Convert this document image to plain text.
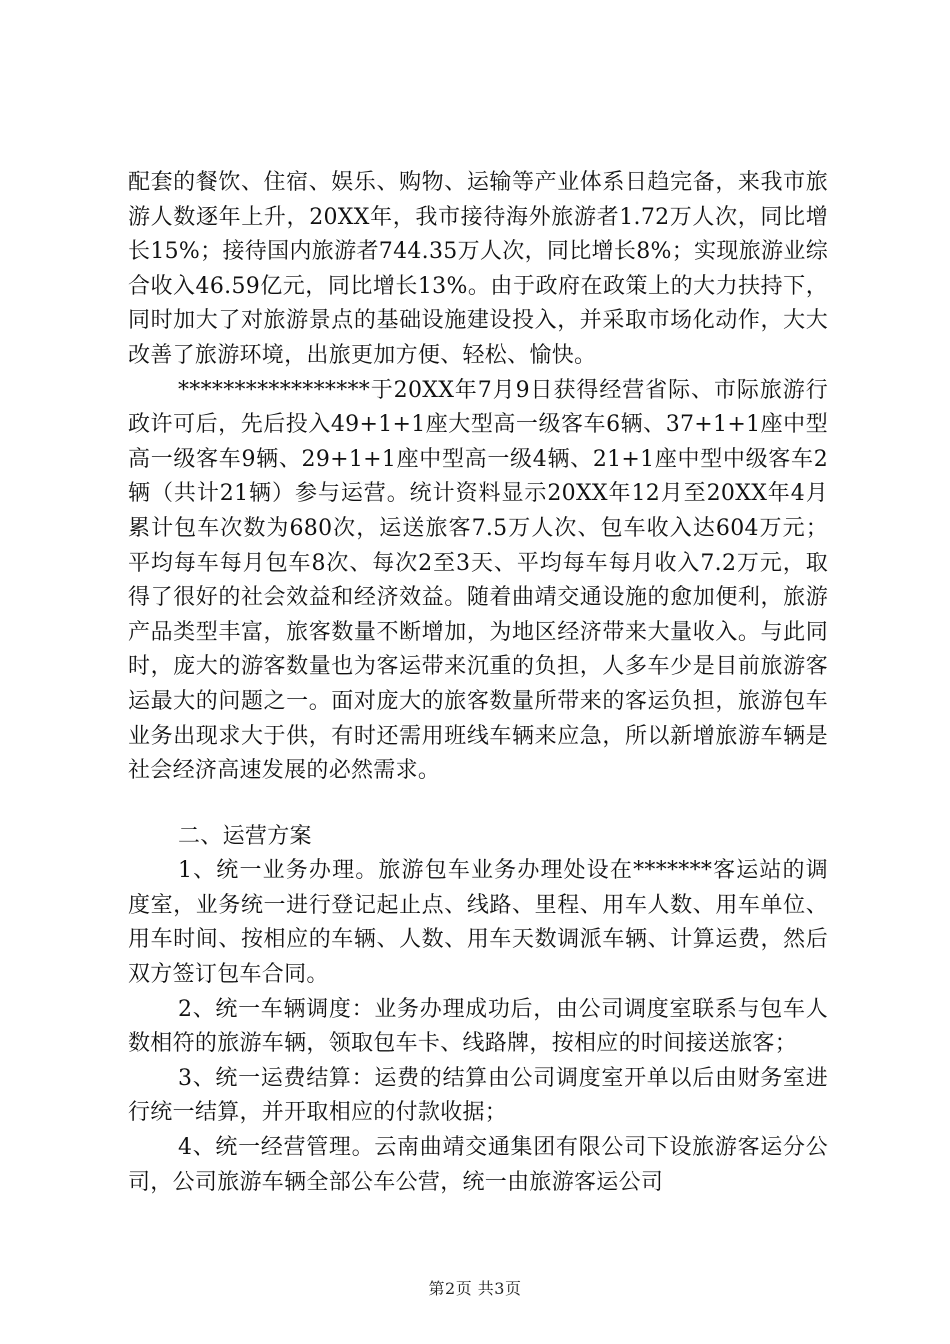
配套的餐饮、住宿、娱乐、购物、运输等产业体系日趋完备，来我市旅游人数逐年上升，20XX年，我市接待海外旅游者1.72万人次，同比增长15%；接待国内旅游者744.35万人次，同比增长8%；实现旅游业综合收入46.59亿元，同比增长13%。由于政府在政策上的大力扶持下，同时加大了对旅游景点的基础设施建设投入，并采取市场化动作，大大改善了旅游环境，出旅更加方便、轻松、愉快。

*****************于20XX年7月9日获得经营省际、市际旅游行政许可后，先后投入49+1+1座大型高一级客车6辆、37+1+1座中型高一级客车9辆、29+1+1座中型高一级4辆、21+1座中型中级客车2辆（共计21辆）参与运营。统计资料显示20XX年12月至20XX年4月累计包车次数为680次，运送旅客7.5万人次、包车收入达604万元；平均每车每月包车8次、每次2至3天、平均每车每月收入7.2万元，取得了很好的社会效益和经济效益。随着曲靖交通设施的愈加便利，旅游产品类型丰富，旅客数量不断增加，为地区经济带来大量收入。与此同时，庞大的游客数量也为客运带来沉重的负担，人多车少是目前旅游客运最大的问题之一。面对庞大的旅客数量所带来的客运负担，旅游包车业务出现求大于供，有时还需用班线车辆来应急，所以新增旅游车辆是社会经济高速发展的必然需求。

二、运营方案

1、统一业务办理。旅游包车业务办理处设在*******客运站的调度室，业务统一进行登记起止点、线路、里程、用车人数、用车单位、用车时间、按相应的车辆、人数、用车天数调派车辆、计算运费，然后双方签订包车合同。

2、统一车辆调度：业务办理成功后，由公司调度室联系与包车人数相符的旅游车辆，领取包车卡、线路牌，按相应的时间接送旅客；

3、统一运费结算：运费的结算由公司调度室开单以后由财务室进行统一结算，并开取相应的付款收据；

4、统一经营管理。云南曲靖交通集团有限公司下设旅游客运分公司，公司旅游车辆全部公车公营，统一由旅游客运公司

第2页 共3页
